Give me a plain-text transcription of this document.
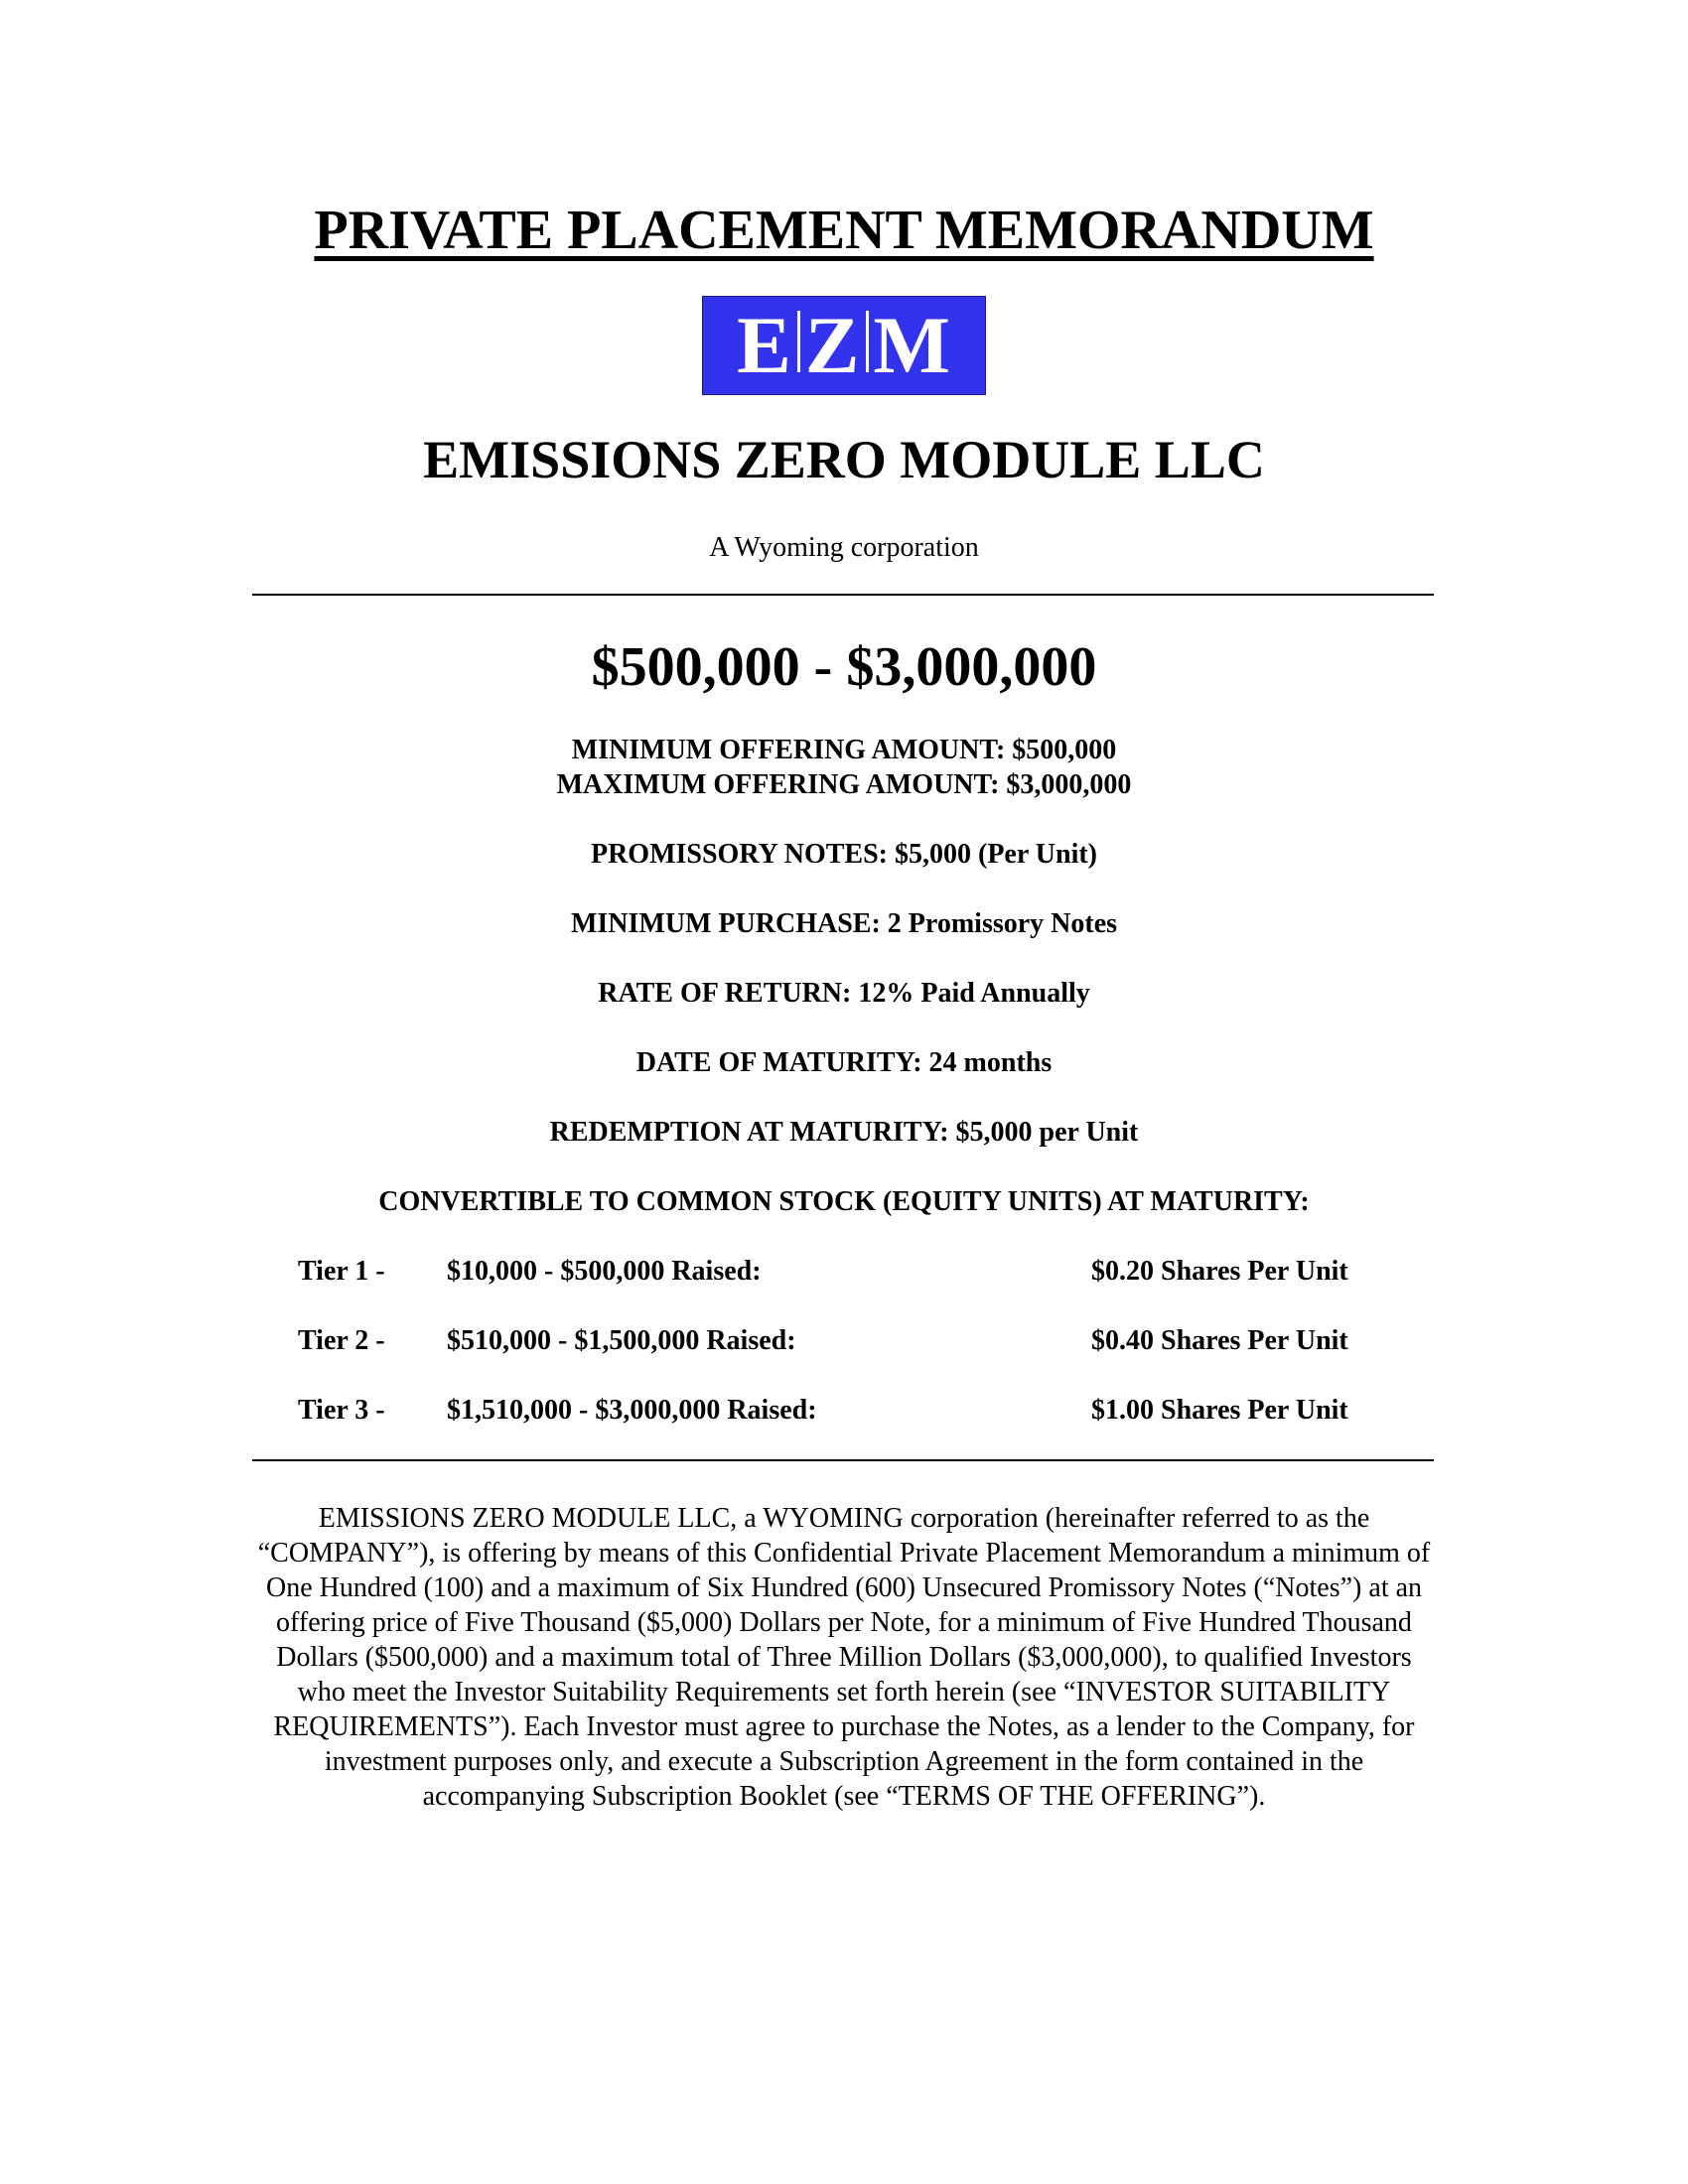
PRIVATE PLACEMENT MEMORANDUM
E Z M
EMISSIONS ZERO MODULE LLC
A Wyoming corporation
$500,000 - $3,000,000
MINIMUM OFFERING AMOUNT: $500,000
MAXIMUM OFFERING AMOUNT: $3,000,000
PROMISSORY NOTES: $5,000 (Per Unit)
MINIMUM PURCHASE: 2 Promissory Notes
RATE OF RETURN: 12% Paid Annually
DATE OF MATURITY: 24 months
REDEMPTION AT MATURITY: $5,000 per Unit
CONVERTIBLE TO COMMON STOCK (EQUITY UNITS) AT MATURITY:
Tier 1 - $10,000 - $500,000 Raised:	$0.20 Shares Per Unit
Tier 2 - $510,000 - $1,500,000 Raised:	$0.40 Shares Per Unit
Tier 3 - $1,510,000 - $3,000,000 Raised:	$1.00 Shares Per Unit
EMISSIONS ZERO MODULE LLC, a WYOMING corporation (hereinafter referred to as the
“COMPANY”), is offering by means of this Confidential Private Placement Memorandum a minimum of
One Hundred (100) and a maximum of Six Hundred (600) Unsecured Promissory Notes (“Notes”) at an
offering price of Five Thousand ($5,000) Dollars per Note, for a minimum of Five Hundred Thousand
Dollars ($500,000) and a maximum total of Three Million Dollars ($3,000,000), to qualified Investors
who meet the Investor Suitability Requirements set forth herein (see “INVESTOR SUITABILITY
REQUIREMENTS”). Each Investor must agree to purchase the Notes, as a lender to the Company, for
investment purposes only, and execute a Subscription Agreement in the form contained in the
accompanying Subscription Booklet (see “TERMS OF THE OFFERING”).
